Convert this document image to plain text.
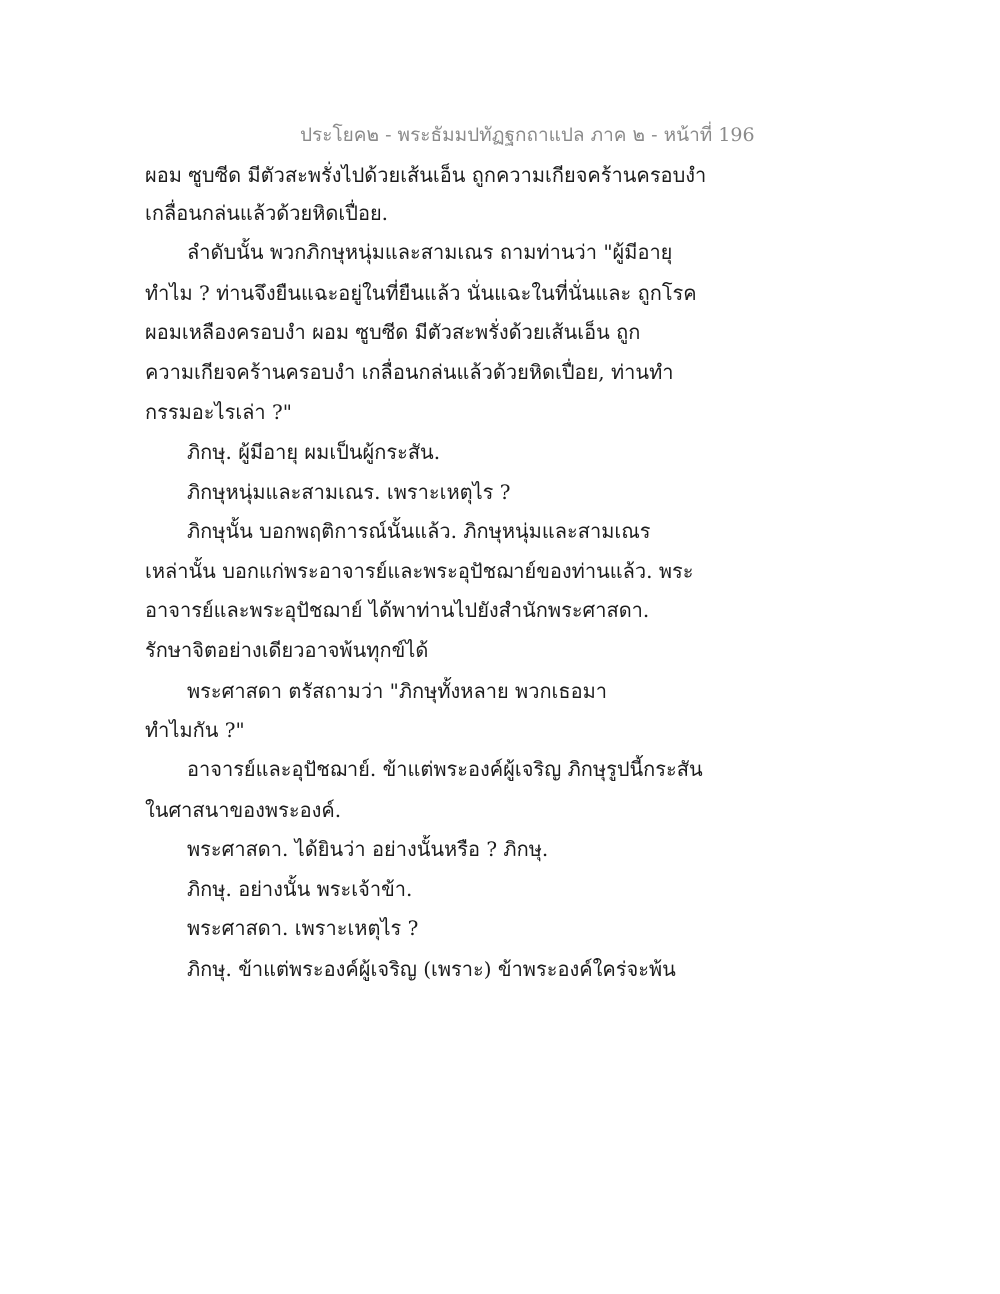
ประโยค๒ - พระธัมมปทัฏฐกถาแปล ภาค ๒ - หน้าที่ 196
ผอม ซูบซีด มีตัวสะพรั่งไปด้วยเส้นเอ็น ถูกความเกียจคร้านครอบงำ
เกลื่อนกล่นแล้วด้วยหิดเปื่อย.
ลำดับนั้น พวกภิกษุหนุ่มและสามเณร ถามท่านว่า "ผู้มีอายุ
ทำไม ? ท่านจึงยืนแฉะอยู่ในที่ยืนแล้ว นั่นแฉะในที่นั่นและ ถูกโรค
ผอมเหลืองครอบงำ ผอม ซูบซีด มีตัวสะพรั่งด้วยเส้นเอ็น ถูก
ความเกียจคร้านครอบงำ เกลื่อนกล่นแล้วด้วยหิดเปื่อย, ท่านทำ
กรรมอะไรเล่า ?"
ภิกษุ. ผู้มีอายุ ผมเป็นผู้กระสัน.
ภิกษุหนุ่มและสามเณร. เพราะเหตุไร ?
ภิกษุนั้น บอกพฤติการณ์นั้นแล้ว. ภิกษุหนุ่มและสามเณร
เหล่านั้น บอกแก่พระอาจารย์และพระอุปัชฌาย์ของท่านแล้ว. พระ
อาจารย์และพระอุปัชฌาย์ ได้พาท่านไปยังสำนักพระศาสดา.
รักษาจิตอย่างเดียวอาจพ้นทุกข์ได้
พระศาสดา ตรัสถามว่า "ภิกษุทั้งหลาย พวกเธอมา
ทำไมกัน ?"
อาจารย์และอุปัชฌาย์. ข้าแต่พระองค์ผู้เจริญ ภิกษุรูปนี้กระสัน
ในศาสนาของพระองค์.
พระศาสดา. ได้ยินว่า อย่างนั้นหรือ ? ภิกษุ.
ภิกษุ. อย่างนั้น พระเจ้าข้า.
พระศาสดา. เพราะเหตุไร ?
ภิกษุ. ข้าแต่พระองค์ผู้เจริญ (เพราะ) ข้าพระองค์ใคร่จะพ้น
